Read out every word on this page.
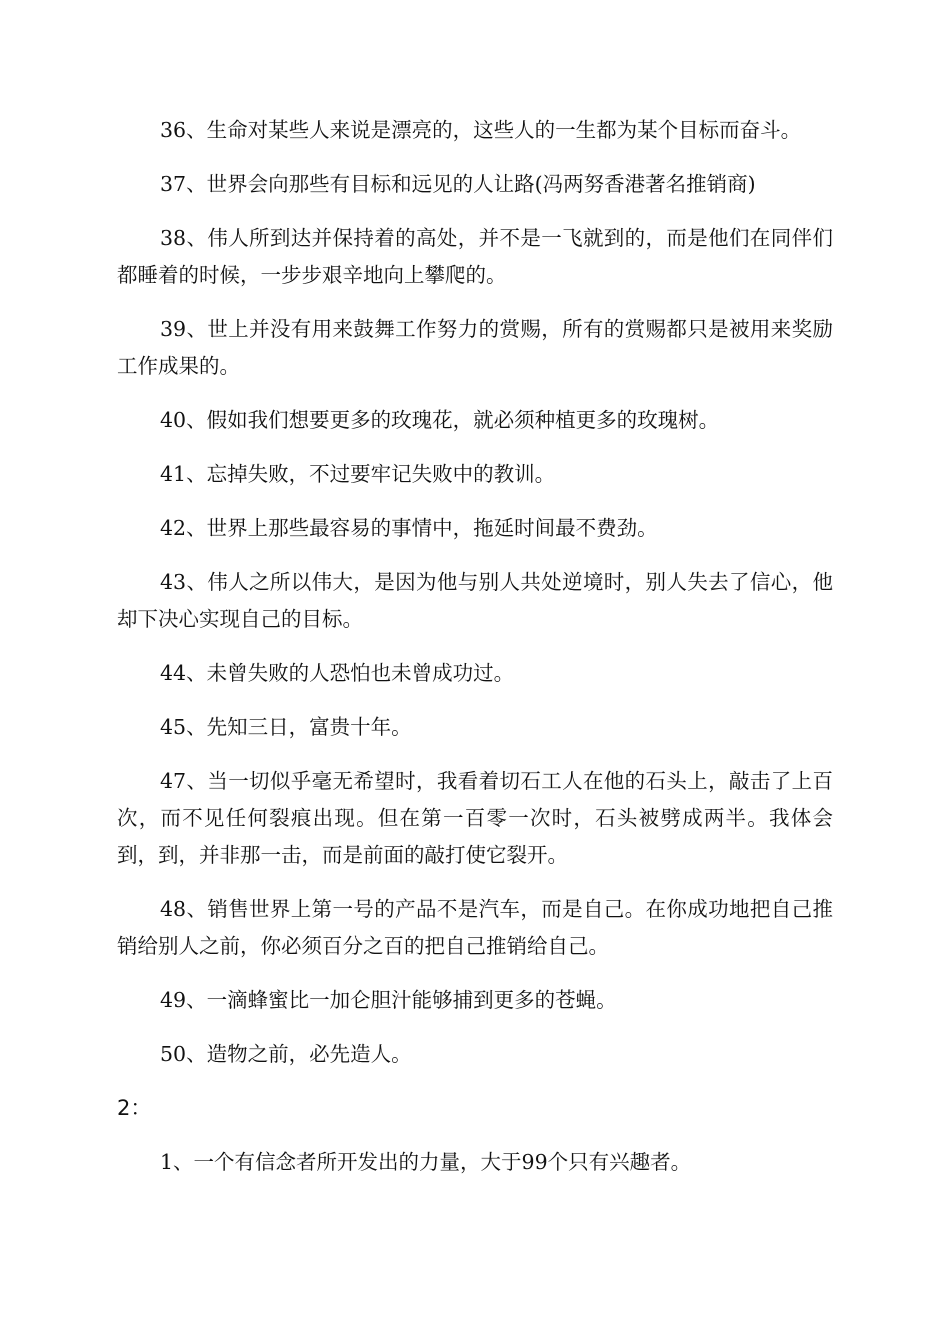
36、生命对某些人来说是漂亮的，这些人的一生都为某个目标而奋斗。

37、世界会向那些有目标和远见的人让路(冯两努香港著名推销商)

38、伟人所到达并保持着的高处，并不是一飞就到的，而是他们在同伴们都睡着的时候，一步步艰辛地向上攀爬的。

39、世上并没有用来鼓舞工作努力的赏赐，所有的赏赐都只是被用来奖励工作成果的。

40、假如我们想要更多的玫瑰花，就必须种植更多的玫瑰树。

41、忘掉失败，不过要牢记失败中的教训。

42、世界上那些最容易的事情中，拖延时间最不费劲。

43、伟人之所以伟大，是因为他与别人共处逆境时，别人失去了信心，他却下决心实现自己的目标。

44、未曾失败的人恐怕也未曾成功过。

45、先知三日，富贵十年。

47、当一切似乎毫无希望时，我看着切石工人在他的石头上，敲击了上百次，而不见任何裂痕出现。但在第一百零一次时，石头被劈成两半。我体会到，到，并非那一击，而是前面的敲打使它裂开。

48、销售世界上第一号的产品不是汽车，而是自己。在你成功地把自己推销给别人之前，你必须百分之百的把自己推销给自己。

49、一滴蜂蜜比一加仑胆汁能够捕到更多的苍蝇。

50、造物之前，必先造人。

2：

1、一个有信念者所开发出的力量，大于99个只有兴趣者。
